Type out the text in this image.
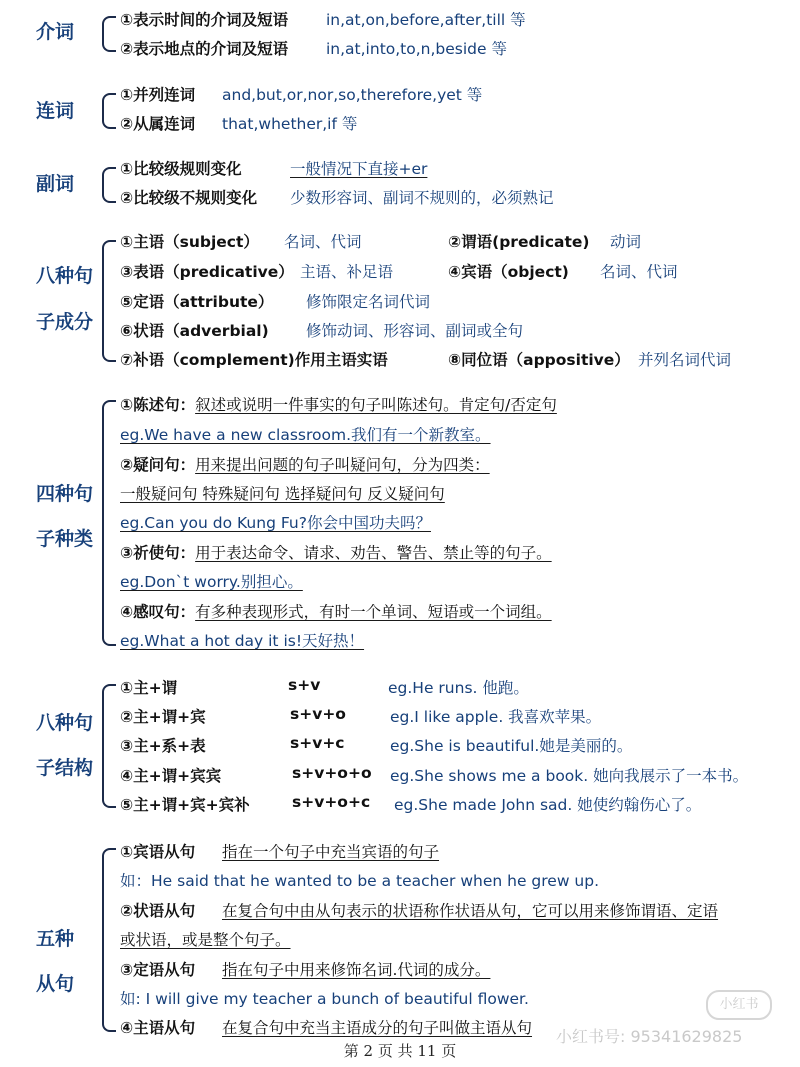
介词
①表示时间的介词及短语 in,at,on,before,after,till 等
②表示地点的介词及短语 in,at,into,to,n,beside 等
连词
①并列连词 and,but,or,nor,so,therefore,yet 等
②从属连词 that,whether,if 等
副词
①比较级规则变化	一般情况下直接+er
②比较级不规则变化 少数形容词、副词不规则的，必须熟记
八种句
子成分
①主语（subject） 名词、代词	②谓语(predicate) 动词
③表语（predicative） 主语、补足语	④宾语（object) 名词、代词
⑤定语（attribute） 修饰限定名词代词
⑥状语（adverbial) 修饰动词、形容词、副词或全句
⑦补语（complement)作用主语实语	⑧同位语（appositive） 并列名词代词
四种句
子种类
①陈述句：叙述或说明一件事实的句子叫陈述句。肯定句/否定句
eg.We have a new classroom.我们有一个新教室。
②疑问句：用来提出问题的句子叫疑问句，分为四类：
一般疑问句 特殊疑问句 选择疑问句 反义疑问句
eg.Can you do Kung Fu?你会中国功夫吗？
③祈使句：用于表达命令、请求、劝告、警告、禁止等的句子。
eg.Don`t worry.别担心。
④感叹句：有多种表现形式，有时一个单词、短语或一个词组。
eg.What a hot day it is!天好热！
八种句
子结构
①主+谓	s+v	eg.He runs. 他跑。
②主+谓+宾	s+v+o	eg.I like apple. 我喜欢苹果。
③主+系+表	s+v+c	eg.She is beautiful.她是美丽的。
④主+谓+宾宾	s+v+o+o eg.She shows me a book. 她向我展示了一本书。
⑤主+谓+宾+宾补	s+v+o+c eg.She made John sad. 她使约翰伤心了。
五种
从句
①宾语从句 指在一个句子中充当宾语的句子
如：He said that he wanted to be a teacher when he grew up.
②状语从句 在复合句中由从句表示的状语称作状语从句，它可以用来修饰谓语、定语
或状语，或是整个句子。
③定语从句 指在句子中用来修饰名词.代词的成分。
如: I will give my teacher a bunch of beautiful flower.
④主语从句 在复合句中充当主语成分的句子叫做主语从句
小红书
小红书号: 95341629825
第 2 页 共 11 页
